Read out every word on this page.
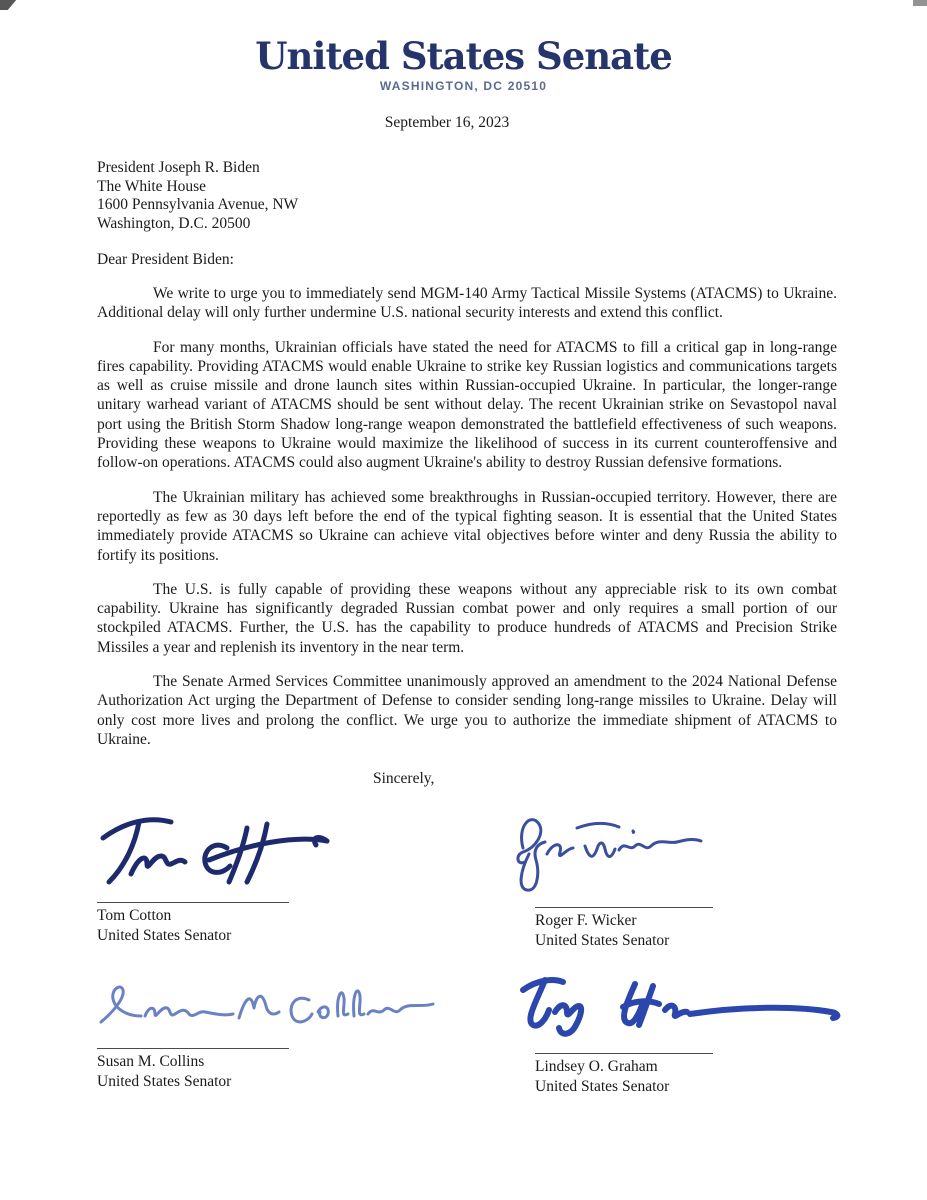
United States Senate
WASHINGTON, DC 20510
September 16, 2023
President Joseph R. Biden
The White House
1600 Pennsylvania Avenue, NW
Washington, D.C. 20500
Dear President Biden:

We write to urge you to immediately send MGM-140 Army Tactical Missile Systems (ATACMS) to Ukraine. Additional delay will only further undermine U.S. national security interests and extend this conflict.

For many months, Ukrainian officials have stated the need for ATACMS to fill a critical gap in long-range fires capability. Providing ATACMS would enable Ukraine to strike key Russian logistics and communications targets as well as cruise missile and drone launch sites within Russian-occupied Ukraine. In particular, the longer-range unitary warhead variant of ATACMS should be sent without delay. The recent Ukrainian strike on Sevastopol naval port using the British Storm Shadow long-range weapon demonstrated the battlefield effectiveness of such weapons. Providing these weapons to Ukraine would maximize the likelihood of success in its current counteroffensive and follow-on operations. ATACMS could also augment Ukraine's ability to destroy Russian defensive formations.

The Ukrainian military has achieved some breakthroughs in Russian-occupied territory. However, there are reportedly as few as 30 days left before the end of the typical fighting season. It is essential that the United States immediately provide ATACMS so Ukraine can achieve vital objectives before winter and deny Russia the ability to fortify its positions.

The U.S. is fully capable of providing these weapons without any appreciable risk to its own combat capability. Ukraine has significantly degraded Russian combat power and only requires a small portion of our stockpiled ATACMS. Further, the U.S. has the capability to produce hundreds of ATACMS and Precision Strike Missiles a year and replenish its inventory in the near term.

The Senate Armed Services Committee unanimously approved an amendment to the 2024 National Defense Authorization Act urging the Department of Defense to consider sending long-range missiles to Ukraine. Delay will only cost more lives and prolong the conflict. We urge you to authorize the immediate shipment of ATACMS to Ukraine.

Sincerely,
Tom Cotton
United States Senator
Roger F. Wicker
United States Senator
Susan M. Collins
United States Senator
Lindsey O. Graham
United States Senator
